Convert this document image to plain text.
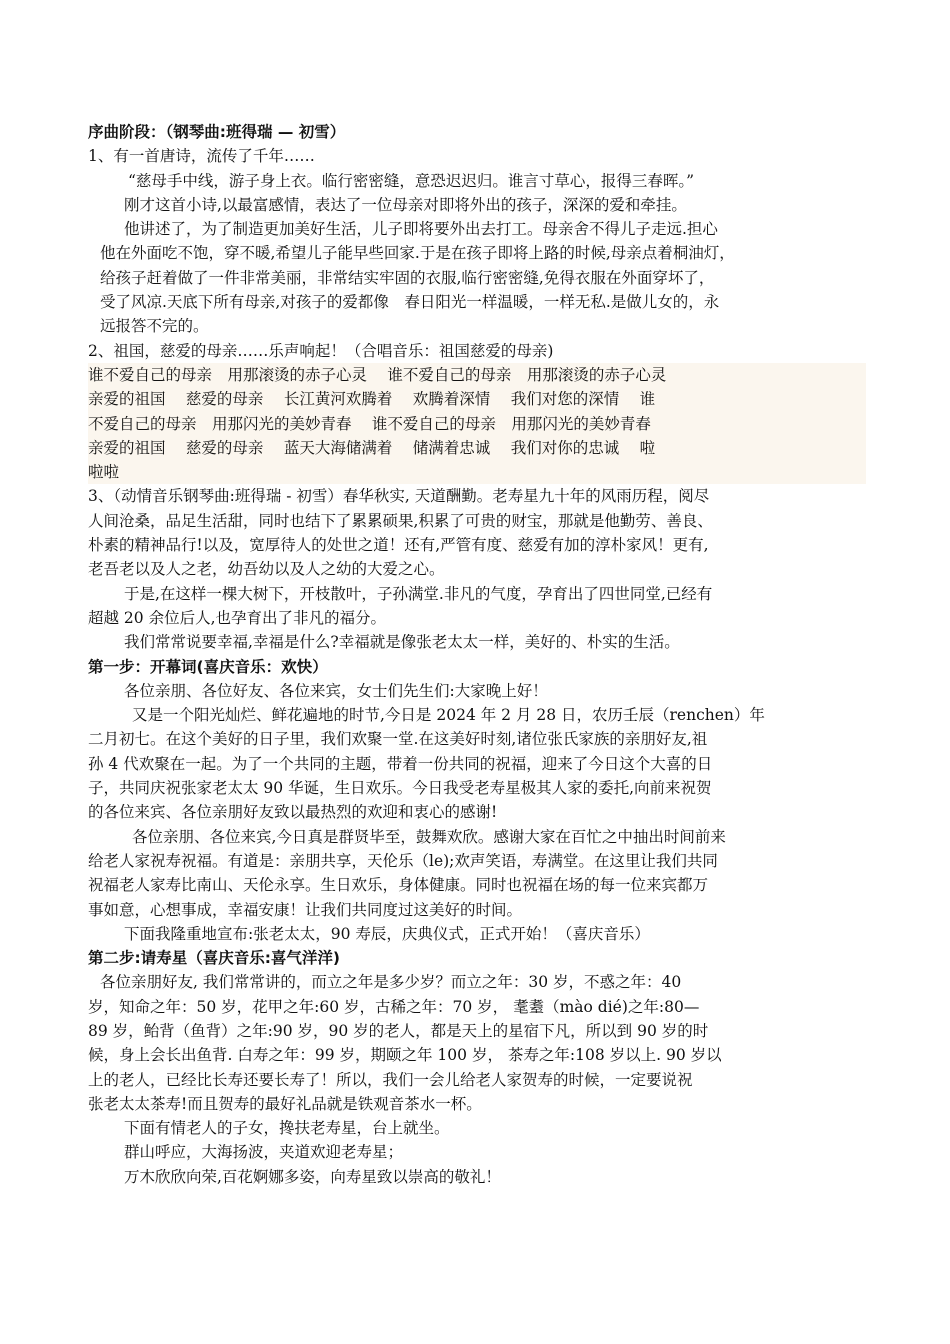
序曲阶段：（钢琴曲:班得瑞 — 初雪）

1、有一首唐诗，流传了千年……

“慈母手中线，游子身上衣。临行密密缝，意恐迟迟归。谁言寸草心，报得三春晖。”

刚才这首小诗,以最富感情，表达了一位母亲对即将外出的孩子，深深的爱和牵挂。

他讲述了，为了制造更加美好生活，儿子即将要外出去打工。母亲舍不得儿子走远.担心

他在外面吃不饱，穿不暖,希望儿子能早些回家.于是在孩子即将上路的时候,母亲点着桐油灯，

给孩子赶着做了一件非常美丽，非常结实牢固的衣服,临行密密缝,免得衣服在外面穿坏了，

受了风凉.天底下所有母亲,对孩子的爱都像　春日阳光一样温暖，一样无私.是做儿女的，永

远报答不完的。

2、祖国，慈爱的母亲……乐声响起！（合唱音乐：祖国慈爱的母亲)

谁不爱自己的母亲　用那滚烫的赤子心灵　 谁不爱自己的母亲　用那滚烫的赤子心灵

亲爱的祖国　 慈爱的母亲　 长江黄河欢腾着　 欢腾着深情　 我们对您的深情　 谁

不爱自己的母亲　用那闪光的美妙青春　 谁不爱自己的母亲　用那闪光的美妙青春

亲爱的祖国　 慈爱的母亲　 蓝天大海储满着　 储满着忠诚　 我们对你的忠诚　 啦

啦啦

3、（动情音乐钢琴曲:班得瑞 - 初雪）春华秋实, 天道酬勤。老寿星九十年的风雨历程，阅尽

人间沧桑，品足生活甜，同时也结下了累累硕果,积累了可贵的财宝，那就是他勤劳、善良、

朴素的精神品行!以及，宽厚待人的处世之道！还有,严管有度、慈爱有加的淳朴家风！更有,

老吾老以及人之老，幼吾幼以及人之幼的大爱之心。

于是,在这样一棵大树下，开枝散叶，子孙满堂.非凡的气度，孕育出了四世同堂,已经有

超越 20 余位后人,也孕育出了非凡的福分。

我们常常说要幸福,幸福是什么?幸福就是像张老太太一样，美好的、朴实的生活。

第一步：开幕词(喜庆音乐：欢快）

各位亲朋、各位好友、各位来宾，女士们先生们:大家晚上好！

又是一个阳光灿烂、鲜花遍地的时节,今日是 2024 年 2 月 28 日，农历壬辰（renchen）年

二月初七。在这个美好的日子里，我们欢聚一堂.在这美好时刻,诸位张氏家族的亲朋好友,祖

孙 4 代欢聚在一起。为了一个共同的主题，带着一份共同的祝福，迎来了今日这个大喜的日

子，共同庆祝张家老太太 90 华诞，生日欢乐。今日我受老寿星极其人家的委托,向前来祝贺

的各位来宾、各位亲朋好友致以最热烈的欢迎和衷心的感谢!

各位亲朋、各位来宾,今日真是群贤毕至，鼓舞欢欣。感谢大家在百忙之中抽出时间前来

给老人家祝寿祝福。有道是：亲朋共享，天伦乐（le);欢声笑语，寿满堂。在这里让我们共同

祝福老人家寿比南山、天伦永享。生日欢乐，身体健康。同时也祝福在场的每一位来宾都万

事如意，心想事成，幸福安康！让我们共同度过这美好的时间。

下面我隆重地宣布:张老太太，90 寿辰，庆典仪式，正式开始！（喜庆音乐）

第二步:请寿星（喜庆音乐:喜气洋洋)

各位亲朋好友, 我们常常讲的，而立之年是多少岁？而立之年：30 岁，不惑之年：40

岁，知命之年：50 岁，花甲之年:60 岁，古稀之年：70 岁， 耄耋（mào dié)之年:80—

89 岁，鲐背（鱼背）之年:90 岁，90 岁的老人，都是天上的星宿下凡，所以到 90 岁的时

候，身上会长出鱼背. 白寿之年：99 岁，期颐之年 100 岁， 茶寿之年:108 岁以上. 90 岁以

上的老人，已经比长寿还要长寿了！所以，我们一会儿给老人家贺寿的时候，一定要说祝

张老太太茶寿!而且贺寿的最好礼品就是铁观音茶水一杯。

下面有情老人的子女，搀扶老寿星，台上就坐。

群山呼应，大海扬波，夹道欢迎老寿星；

万木欣欣向荣,百花婀娜多姿，向寿星致以崇高的敬礼！
